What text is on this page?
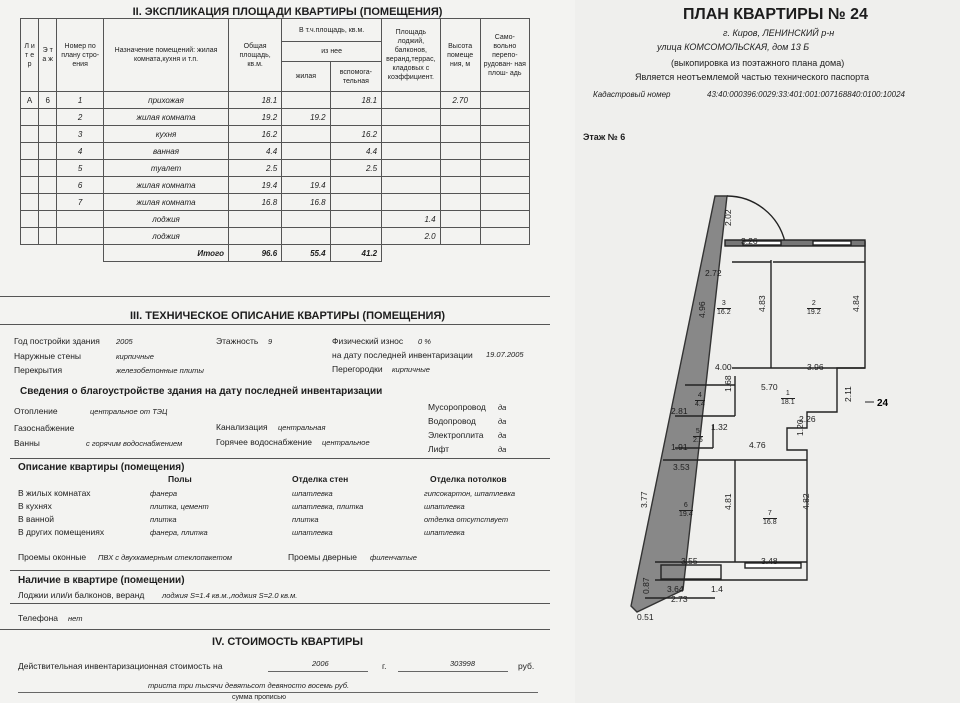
II. ЭКСПЛИКАЦИЯ ПЛОЩАДИ КВАРТИРЫ (ПОМЕЩЕНИЯ)
Л и т е р	Э т а ж	Номер по плану стро- ения	Назначение помещений: жилая комната,кухня и т.п.	Общая площадь, кв.м.	В т.ч.площадь, кв.м.		Площадь лоджий, балконов, веранд,террас, кладовых с коэффициент.	Высота помеще ния, м	Само- вольно перепо- рудован- ная плош- адь
					из нее				
					жилая	вспомога- тельная			
А	6	1	прихожая	18.1		18.1		2.70	
		2	жилая комната	19.2	19.2				
		3	кухня	16.2		16.2			
		4	ванная	4.4		4.4			
		5	туалет	2.5		2.5			
		6	жилая комната	19.4	19.4				
		7	жилая комната	16.8	16.8				
			лоджия				1.4		
			лоджия				2.0		
			Итого	96.6	55.4	41.2			
III. ТЕХНИЧЕСКОЕ ОПИСАНИЕ КВАРТИРЫ (ПОМЕЩЕНИЯ)
Год постройки здания 2005	Этажность 9	Физический износ 0 %
Наружные стены	кирпичные	на дату последней инвентаризации 19.07.2005
Перекрытия	железобетонные плиты	Перегородки кирпичные
Сведения о благоустройстве здания на дату последней инвентаризации
Отопление	центральное от ТЭЦ
Газоснабжение	Канализация центральная
Ванны	с горячим водоснабжением	Горячее водоснабжение центральное
Мусоропровод да
Водопровод	да
Электроплита да
Лифт	да
Описание квартиры (помещения)
Полы	Отделка стен	Отделка потолков
В жилых комнатах	фанера	шпатлевка	гипсокартон, шпатлевка
В кухнях	плитка, цемент	шпатлевка, плитка	шпатлевка
В ванной	плитка	плитка	отделка отсутствует
В других помещениях	фанера, плитка	шпатлевка	шпатлевка
Проемы оконные ПВХ с двухкамерным стеклопакетом	Проемы дверные филенчатые
Наличие в квартире (помещении)
Лоджии или/и балконов, веранд лоджия S=1.4 кв.м.,лоджия S=2.0 кв.м.
Телефона нет
IV. СТОИМОСТЬ КВАРТИРЫ
Действительная инвентаризационная стоимость на	2006	г.	303998	руб.
триста три тысячи девятьсот девяносто восемь руб.
сумма прописью
ПЛАН КВАРТИРЫ № 24
г. Киров, ЛЕНИНСКИЙ р-н
улица КОМСОМОЛЬСКАЯ, дом 13 Б
(выкопировка из поэтажного плана дома)
Является неотъемлемой частью технического паспорта
Кадастровый номер	43:40:000396:0029:33:401:001:007168840:0100:10024
Этаж № 6
24
2.02
3.26
2.72
4.96	4.83	4.84
4.00	3.96
5.70
1.68
2.81
2.11
2.26
1.32
1.91	4.76
1.20
3.53
3.77	4.81	4.82
3.55	3.48
0.87 3.64	1.4
2.73
0.51
3
16.2
2
19.2
4
4.4
1
18.1
5
2.5
6
19.4	7
16.8
